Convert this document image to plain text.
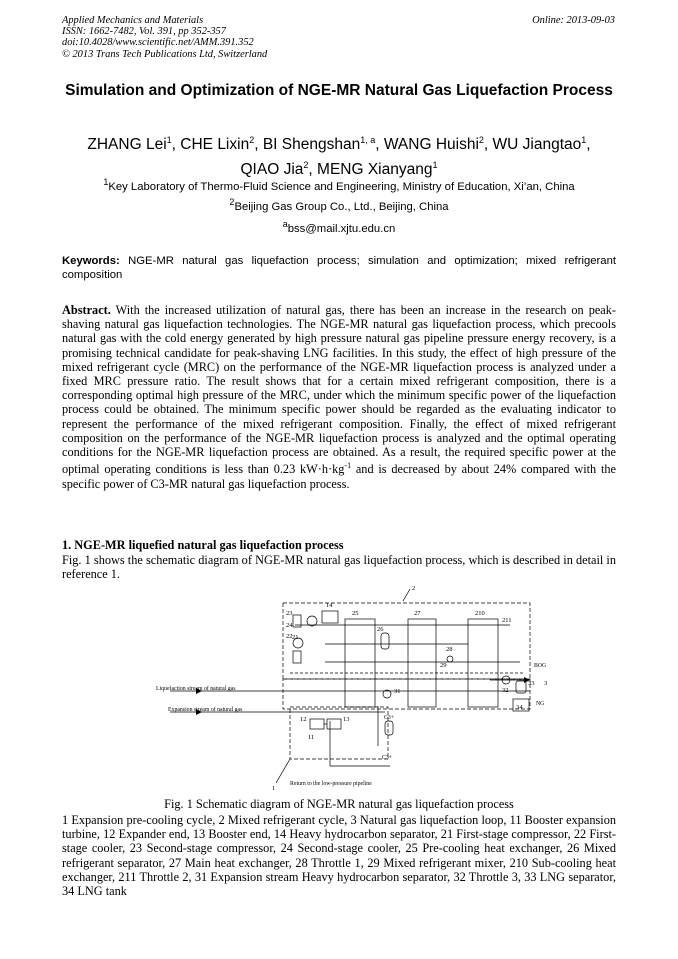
Applied Mechanics and Materials
ISSN: 1662-7482, Vol. 391, pp 352-357
doi:10.4028/www.scientific.net/AMM.391.352
© 2013 Trans Tech Publications Ltd, Switzerland
Online: 2013-09-03
Simulation and Optimization of NGE-MR Natural Gas Liquefaction Process
ZHANG Lei$^1$, CHE Lixin$^2$, BI Shengshan$^{1, a}$, WANG Huishi$^2$, WU Jiangtao$^1$,
QIAO Jia$^2$, MENG Xianyang$^1$
$^1$Key Laboratory of Thermo-Fluid Science and Engineering, Ministry of Education, Xi’an, China
$^2$Beijing Gas Group Co., Ltd., Beijing, China
$^a$bss@mail.xjtu.edu.cn
Keywords: NGE-MR natural gas liquefaction process; simulation and optimization; mixed refrigerant composition
Abstract. With the increased utilization of natural gas, there has been an increase in the research on peak-shaving natural gas liquefaction technologies. The NGE-MR natural gas liquefaction process, which precools natural gas with the cold energy generated by high pressure natural gas pipeline pressure energy recovery, is a promising technical candidate for peak-shaving LNG facilities. In this study, the effect of high pressure of the mixed refrigerant cycle (MRC) on the performance of the NGE-MR liquefaction process is analyzed under a fixed MRC pressure ratio. The result shows that for a certain mixed refrigerant composition, there is a corresponding optimal high pressure of the MRC, under which the minimum specific power of the liquefaction process could be obtained. The minimum specific power should be regarded as the evaluating indicator to represent the performance of the mixed refrigerant composition. Finally, the effect of mixed refrigerant composition on the performance of the NGE-MR liquefaction process is analyzed and the optimal operating conditions for the NGE-MR liquefaction process are obtained. As a result, the required specific power at the optimal operating conditions is less than 0.23 $kW\cdot h\cdot kg^{-1}$ and is decreased by about 24% compared with the specific power of C3-MR natural gas liquefaction process.
1. NGE-MR liquefied natural gas liquefaction process
Fig. 1 shows the schematic diagram of NGE-MR natural gas liquefaction process, which is described in detail in reference 1.
Liquefaction stream of natural gas
Expansion stream of natural gas
Return to the low-pressure pipeline
BOG
NG
C3+
C3+
2
1
3
25	27	210
211
26
28
29
21
22
23
24
14
11
12	13
31	32
33
34
Fig. 1 Schematic diagram of NGE-MR natural gas liquefaction process
1 Expansion pre-cooling cycle, 2 Mixed refrigerant cycle, 3 Natural gas liquefaction loop, 11 Booster expansion turbine, 12 Expander end, 13 Booster end, 14 Heavy hydrocarbon separator, 21 First-stage compressor, 22 First-stage cooler, 23 Second-stage compressor, 24 Second-stage cooler, 25 Pre-cooling heat exchanger, 26 Mixed refrigerant separator, 27 Main heat exchanger, 28 Throttle 1, 29 Mixed refrigerant mixer, 210 Sub-cooling heat exchanger, 211 Throttle 2, 31 Expansion stream Heavy hydrocarbon separator, 32 Throttle 3, 33 LNG separator, 34 LNG tank
